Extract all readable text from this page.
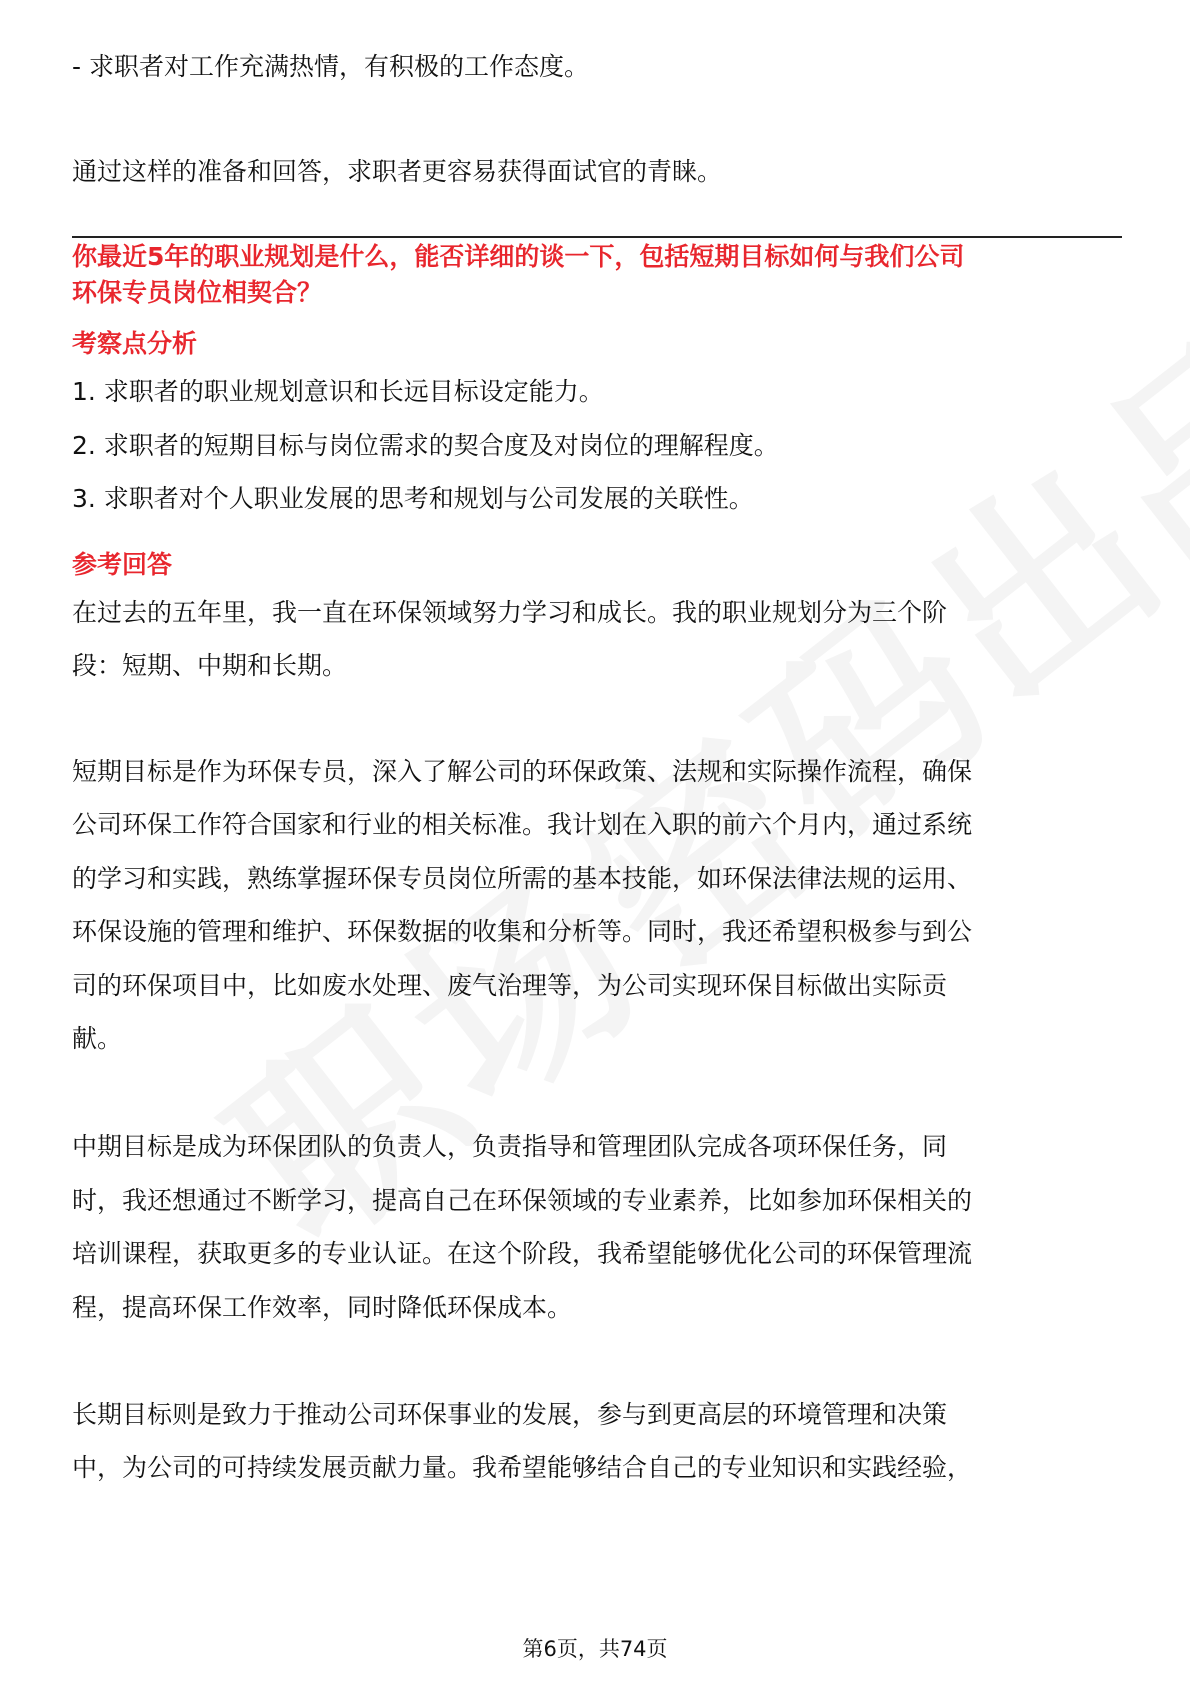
- 求职者对工作充满热情，有积极的工作态度。
通过这样的准备和回答，求职者更容易获得面试官的青睐。
你最近5年的职业规划是什么，能否详细的谈一下，包括短期目标如何与我们公司
环保专员岗位相契合？
考察点分析
1. 求职者的职业规划意识和长远目标设定能力。
2. 求职者的短期目标与岗位需求的契合度及对岗位的理解程度。
3. 求职者对个人职业发展的思考和规划与公司发展的关联性。
参考回答
在过去的五年里，我一直在环保领域努力学习和成长。我的职业规划分为三个阶
段：短期、中期和长期。
短期目标是作为环保专员，深入了解公司的环保政策、法规和实际操作流程，确保
公司环保工作符合国家和行业的相关标准。我计划在入职的前六个月内，通过系统
的学习和实践，熟练掌握环保专员岗位所需的基本技能，如环保法律法规的运用、
环保设施的管理和维护、环保数据的收集和分析等。同时，我还希望积极参与到公
司的环保项目中，比如废水处理、废气治理等，为公司实现环保目标做出实际贡
献。
中期目标是成为环保团队的负责人，负责指导和管理团队完成各项环保任务，同
时，我还想通过不断学习，提高自己在环保领域的专业素养，比如参加环保相关的
培训课程，获取更多的专业认证。在这个阶段，我希望能够优化公司的环保管理流
程，提高环保工作效率，同时降低环保成本。
长期目标则是致力于推动公司环保事业的发展，参与到更高层的环境管理和决策
中，为公司的可持续发展贡献力量。我希望能够结合自己的专业知识和实践经验，
第6页，共74页
